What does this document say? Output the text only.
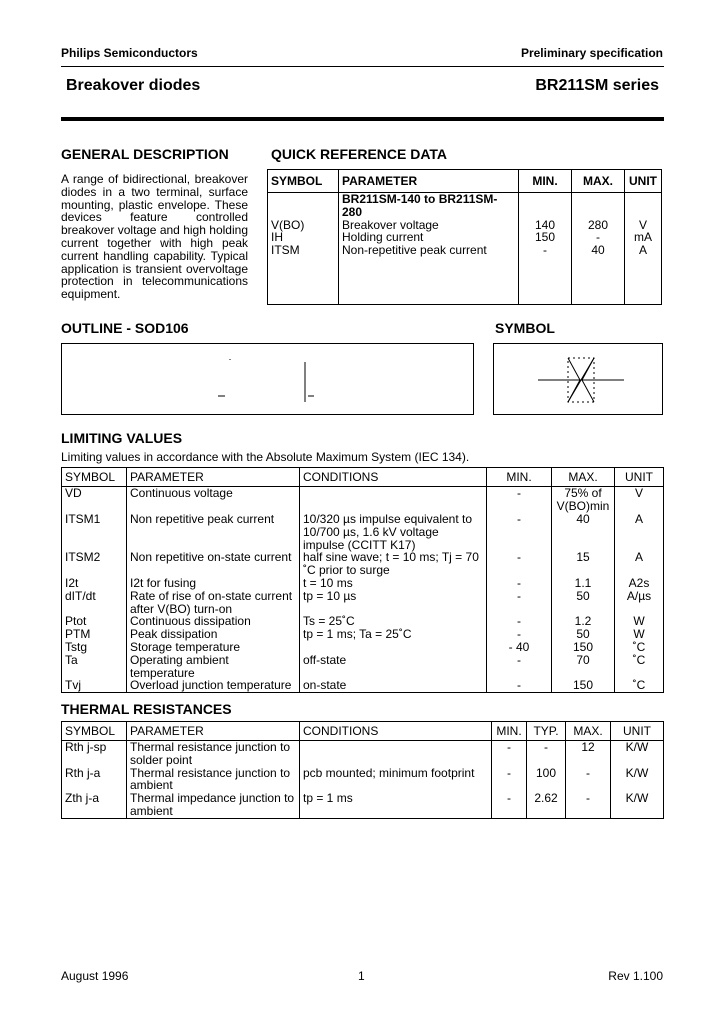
Philips Semiconductors	Preliminary specification
Breakover diodes	BR211SM series
GENERAL DESCRIPTION
A range of bidirectional, breakover diodes in a two terminal, surface mounting, plastic envelope. These devices feature controlled breakover voltage and high holding current together with high peak current handling capability. Typical application is transient overvoltage protection in telecommunications equipment.
QUICK REFERENCE DATA
SYMBOL	PARAMETER	MIN.	MAX.	UNIT
	BR211SM-140 to BR211SM-280			
V(BO)	Breakover voltage	140	280	V
IH	Holding current	150	-	mA
ITSM	Non-repetitive peak current	-	40	A
OUTLINE - SOD106	SYMBOL
LIMITING VALUES
Limiting values in accordance with the Absolute Maximum System (IEC 134).
SYMBOL	PARAMETER	CONDITIONS	MIN.	MAX.	UNIT
VD	Continuous voltage		-	75% of V(BO)min	V
ITSM1	Non repetitive peak current	10/320 µs impulse equivalent to 10/700 µs, 1.6 kV voltage impulse (CCITT K17)	-	40	A
ITSM2	Non repetitive on-state current	half sine wave; t = 10 ms; Tj = 70 ˚C prior to surge	-	15	A
I2t	I2t for fusing	t = 10 ms	-	1.1	A2s
dIT/dt	Rate of rise of on-state current after V(BO) turn-on	tp = 10 µs	-	50	A/µs
Ptot	Continuous dissipation	Ts = 25˚C	-	1.2	W
PTM	Peak dissipation	tp = 1 ms; Ta = 25˚C	-	50	W
Tstg	Storage temperature		- 40	150	˚C
Ta	Operating ambient temperature	off-state	-	70	˚C
Tvj	Overload junction temperature	on-state	-	150	˚C
THERMAL RESISTANCES
SYMBOL	PARAMETER	CONDITIONS	MIN.	TYP.	MAX.	UNIT
Rth j-sp	Thermal resistance junction to solder point		-	-	12	K/W
Rth j-a	Thermal resistance junction to ambient	pcb mounted; minimum footprint	-	100	-	K/W
Zth j-a	Thermal impedance junction to ambient	tp = 1 ms	-	2.62	-	K/W
August 1996	1	Rev 1.100
